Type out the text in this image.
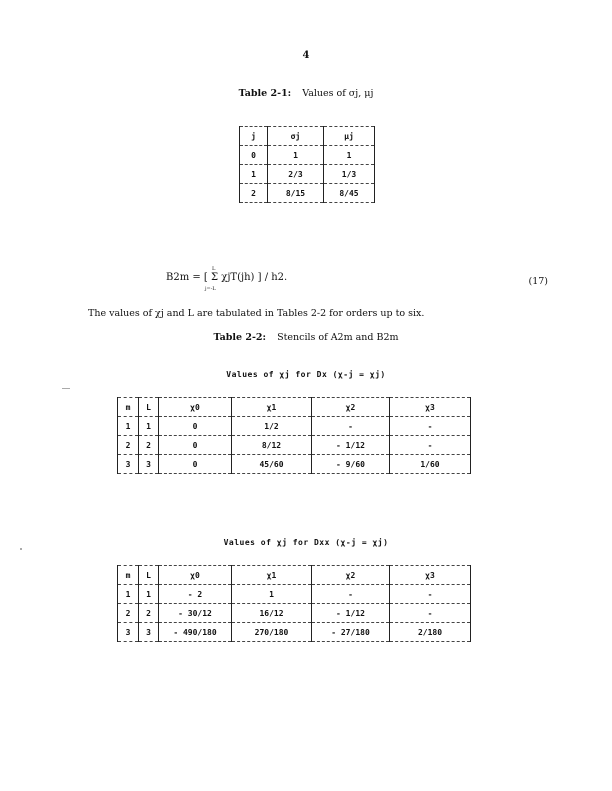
4
Table 2-1: Values of σj, μj
j	σj	μj
0	1	1
1	2/3	1/3
2	8/15	8/45
B2m = [ Σ χjT(jh) ] / h2.
L
j=-L
(17)
The values of χj and L are tabulated in Tables 2-2 for orders up to six.
Table 2-2: Stencils of A2m and B2m
Values of χj for Dx (χ-j = χj)
m	L	χ0	χ1	χ2	χ3
1	1	0	1/2	-	-
2	2	0	8/12	- 1/12	-
3	3	0	45/60	- 9/60	1/60
Values of χj for Dxx (χ-j = χj)
m	L	χ0	χ1	χ2	χ3
1	1	- 2	1	-	-
2	2	- 30/12	16/12	- 1/12	-
3	3	- 490/180	270/180	- 27/180	2/180
